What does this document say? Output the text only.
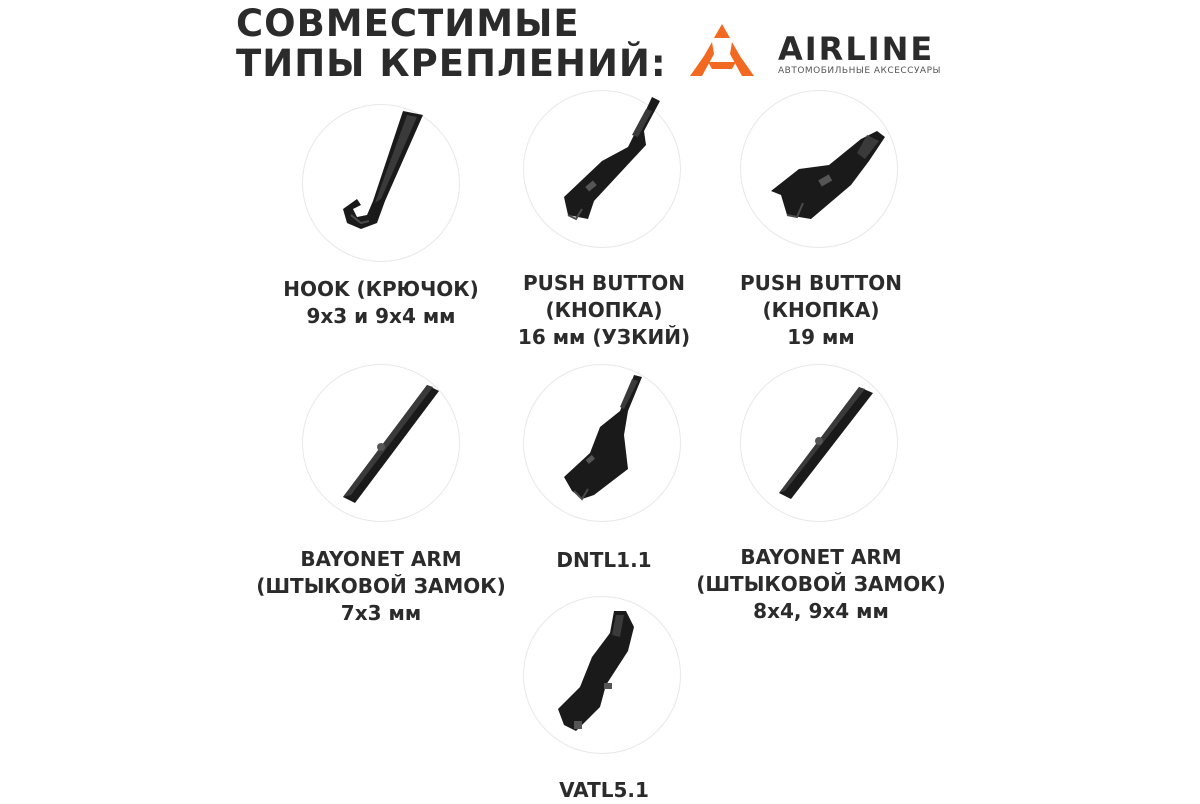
СОВМЕСТИМЫЕ
ТИПЫ КРЕПЛЕНИЙ:	AIRLINE
АВТОМОБИЛЬНЫЕ АКСЕССУАРЫ
HOOK (КРЮЧОК)
9x3 и 9x4 мм
PUSH BUTTON
(КНОПКА)
16 мм (УЗКИЙ)
PUSH BUTTON
(КНОПКА)
19 мм
BAYONET ARM
(ШТЫКОВОЙ ЗАМОК)
7x3 мм
DNTL1.1	BAYONET ARM
(ШТЫКОВОЙ ЗАМОК)
8x4, 9x4 мм
VATL5.1
